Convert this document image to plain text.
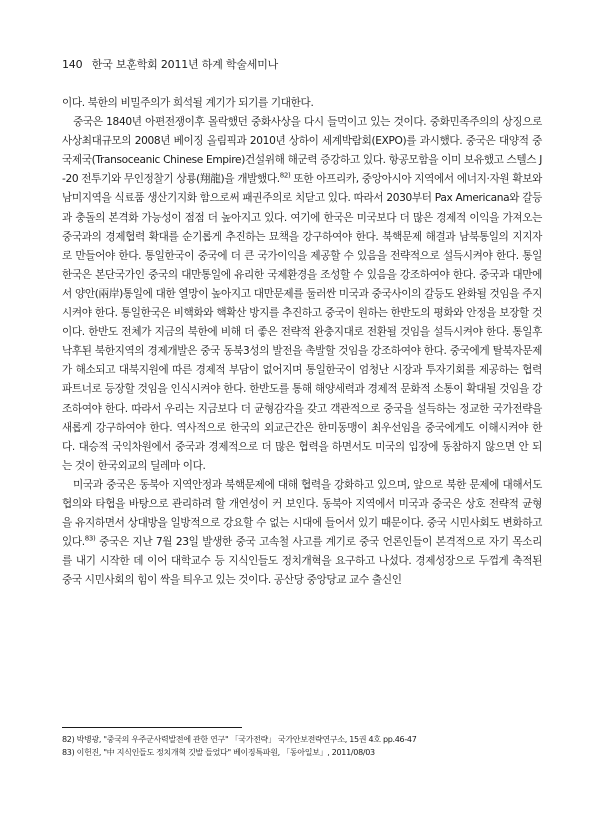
140 한국 보훈학회 2011년 하계 학술세미나

이다. 북한의 비밀주의가 희석될 계기가 되기를 기대한다.

중국은 1840년 아편전쟁이후 몰락했던 중화사상을 다시 들먹이고 있는 것이다. 중화민족주의의 상징으로 사상최대규모의 2008년 베이징 올림픽과 2010년 상하이 세계박람회(EXPO)를 과시했다. 중국은 대양적 중국제국(Transoceanic Chinese Empire)건설위해 해군력 증강하고 있다. 항공모함을 이미 보유했고 스텔스 J-20 전투기와 무인정찰기 상룡(翔龍)을 개발했다.$^{82)}$ 또한 아프리카, 중앙아시아 지역에서 에너지·자원 확보와 남미지역을 식료품 생산기지화 함으로써 패권주의로 치닫고 있다. 따라서 2030부터 Pax Americana와 갈등과 충돌의 본격화 가능성이 점점 더 높아지고 있다. 여기에 한국은 미국보다 더 많은 경제적 이익을 가져오는 중국과의 경제협력 확대를 순기롭게 추진하는 묘책을 강구하여야 한다. 북핵문제 해결과 남북통일의 지지자로 만들어야 한다. 통일한국이 중국에 더 큰 국가이익을 제공할 수 있음을 전략적으로 설득시켜야 한다. 통일한국은 본단국가인 중국의 대만통일에 유리한 국제환경을 조성할 수 있음을 강조하여야 한다. 중국과 대만에서 양안(兩岸)통일에 대한 열망이 높아지고 대만문제를 둘러싼 미국과 중국사이의 갈등도 완화될 것임을 주지시켜야 한다. 통일한국은 비핵화와 핵확산 방지를 추진하고 중국이 원하는 한반도의 평화와 안정을 보장할 것이다. 한반도 전체가 지금의 북한에 비해 더 좋은 전략적 완충지대로 전환될 것임을 설득시켜야 한다. 통일후 낙후된 북한지역의 경제개발은 중국 동북3성의 발전을 촉발할 것임을 강조하여야 한다. 중국에게 탈북자문제가 해소되고 대북지원에 따른 경제적 부담이 없어지며 통일한국이 엄청난 시장과 투자기회를 제공하는 협력파트너로 등장할 것임을 인식시켜야 한다. 한반도를 통해 해양세력과 경제적 문화적 소통이 확대될 것임을 강조하여야 한다. 따라서 우리는 지금보다 더 균형감각을 갖고 객관적으로 중국을 설득하는 정교한 국가전략을 새롭게 강구하여야 한다. 역사적으로 한국의 외교근간은 한미동맹이 최우선임을 중국에게도 이해시켜야 한다. 대승적 국익차원에서 중국과 경제적으로 더 많은 협력을 하면서도 미국의 입장에 동참하지 않으면 안 되는 것이 한국외교의 딜레마 이다.

미국과 중국은 동북아 지역안정과 북핵문제에 대해 협력을 강화하고 있으며, 앞으로 북한 문제에 대해서도 협의와 타협을 바탕으로 관리하려 할 개연성이 커 보인다. 동북아 지역에서 미국과 중국은 상호 전략적 균형을 유지하면서 상대방을 일방적으로 강요할 수 없는 시대에 들어서 있기 때문이다. 중국 시민사회도 변화하고 있다.$^{83)}$ 중국은 지난 7월 23일 발생한 중국 고속철 사고를 계기로 중국 언론인들이 본격적으로 자기 목소리를 내기 시작한 데 이어 대학교수 등 지식인들도 정치개혁을 요구하고 나섰다. 경제성장으로 두껍게 축적된 중국 시민사회의 힘이 싹을 틔우고 있는 것이다. 공산당 중앙당교 교수 출신인

82) 박병광, "중국의 우주군사력발전에 관한 연구" 「국가전략」 국가안보전략연구소, 15권 4호 pp.46-47
83) 이헌진, "中 지식인들도 정치개혁 깃발 들었다" 베이징특파원, 「동아일보」, 2011/08/03
